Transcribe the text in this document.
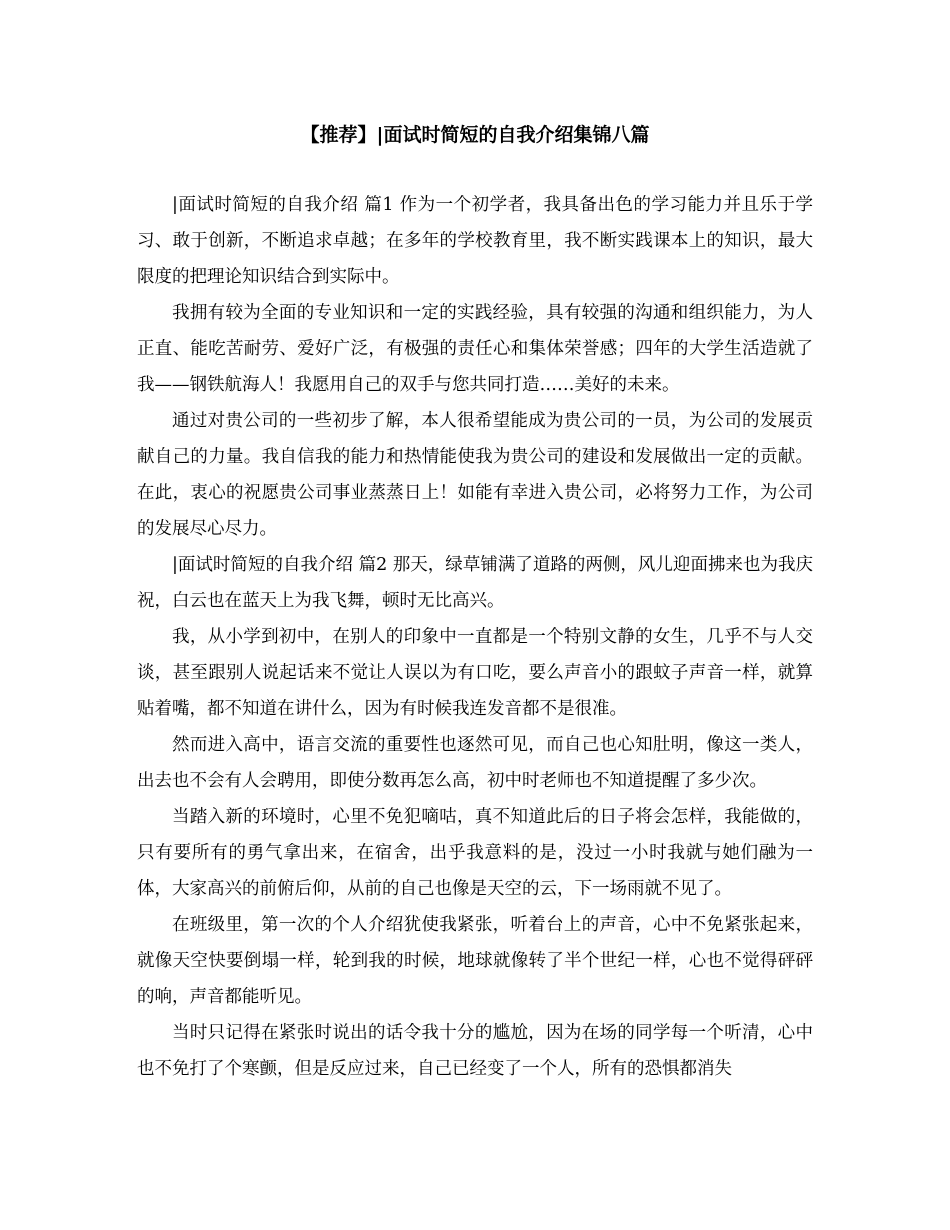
【推荐】|面试时简短的自我介绍集锦八篇

|面试时简短的自我介绍 篇1 作为一个初学者，我具备出色的学习能力并且乐于学习、敢于创新，不断追求卓越；在多年的学校教育里，我不断实践课本上的知识，最大限度的把理论知识结合到实际中。

我拥有较为全面的专业知识和一定的实践经验，具有较强的沟通和组织能力，为人正直、能吃苦耐劳、爱好广泛，有极强的责任心和集体荣誉感；四年的大学生活造就了我——钢铁航海人！我愿用自己的双手与您共同打造……美好的未来。

通过对贵公司的一些初步了解，本人很希望能成为贵公司的一员，为公司的发展贡献自己的力量。我自信我的能力和热情能使我为贵公司的建设和发展做出一定的贡献。在此，衷心的祝愿贵公司事业蒸蒸日上！如能有幸进入贵公司，必将努力工作，为公司的发展尽心尽力。

|面试时简短的自我介绍 篇2 那天，绿草铺满了道路的两侧，风儿迎面拂来也为我庆祝，白云也在蓝天上为我飞舞，顿时无比高兴。

我，从小学到初中，在别人的印象中一直都是一个特别文静的女生，几乎不与人交谈，甚至跟别人说起话来不觉让人误以为有口吃，要么声音小的跟蚊子声音一样，就算贴着嘴，都不知道在讲什么，因为有时候我连发音都不是很准。

然而进入高中，语言交流的重要性也逐然可见，而自己也心知肚明，像这一类人，出去也不会有人会聘用，即使分数再怎么高，初中时老师也不知道提醒了多少次。

当踏入新的环境时，心里不免犯嘀咕，真不知道此后的日子将会怎样，我能做的，只有要所有的勇气拿出来，在宿舍，出乎我意料的是，没过一小时我就与她们融为一体，大家高兴的前俯后仰，从前的自己也像是天空的云，下一场雨就不见了。

在班级里，第一次的个人介绍犹使我紧张，听着台上的声音，心中不免紧张起来，就像天空快要倒塌一样，轮到我的时候，地球就像转了半个世纪一样，心也不觉得砰砰的响，声音都能听见。

当时只记得在紧张时说出的话令我十分的尴尬，因为在场的同学每一个听清，心中也不免打了个寒颤，但是反应过来，自己已经变了一个人，所有的恐惧都消失
